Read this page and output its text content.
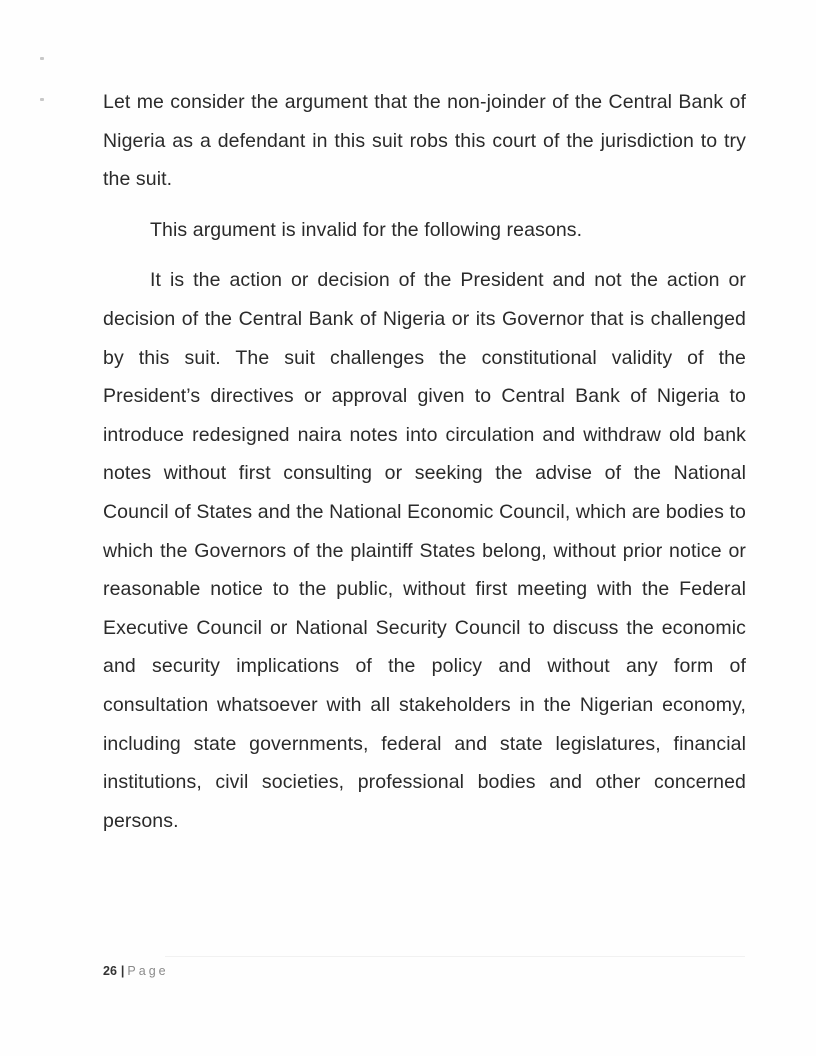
Let me consider the argument that the non-joinder of the Central Bank of Nigeria as a defendant in this suit robs this court of the jurisdiction to try the suit.

This argument is invalid for the following reasons.

It is the action or decision of the President and not the action or decision of the Central Bank of Nigeria or its Governor that is challenged by this suit. The suit challenges the constitutional validity of the President’s directives or approval given to Central Bank of Nigeria to introduce redesigned naira notes into circulation and withdraw old bank notes without first consulting or seeking the advise of the National Council of States and the National Economic Council, which are bodies to which the Governors of the plaintiff States belong, without prior notice or reasonable notice to the public, without first meeting with the Federal Executive Council or National Security Council to discuss the economic and security implications of the policy and without any form of consultation whatsoever with all stakeholders in the Nigerian economy, including state governments, federal and state legislatures, financial institutions, civil societies, professional bodies and other concerned persons.

26 | Page
